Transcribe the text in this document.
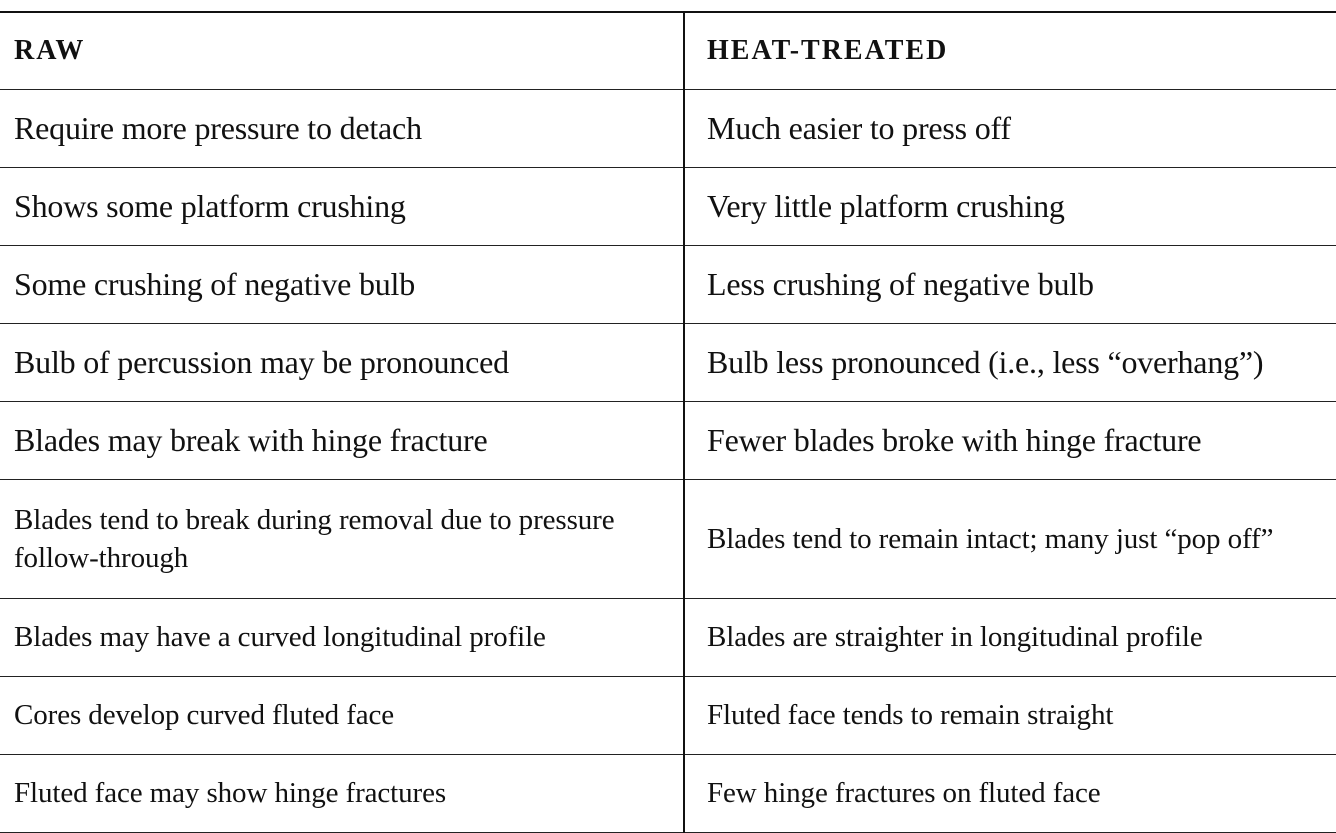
RAW	HEAT-TREATED
Require more pressure to detach	Much easier to press off
Shows some platform crushing	Very little platform crushing
Some crushing of negative bulb	Less crushing of negative bulb
Bulb of percussion may be pronounced	Bulb less pronounced (i.e., less “overhang”)
Blades may break with hinge fracture	Fewer blades broke with hinge fracture
Blades tend to break during removal due to pressure follow-through	Blades tend to remain intact; many just “pop off”
Blades may have a curved longitudinal profile	Blades are straighter in longitudinal profile
Cores develop curved fluted face	Fluted face tends to remain straight
Fluted face may show hinge fractures	Few hinge fractures on fluted face
